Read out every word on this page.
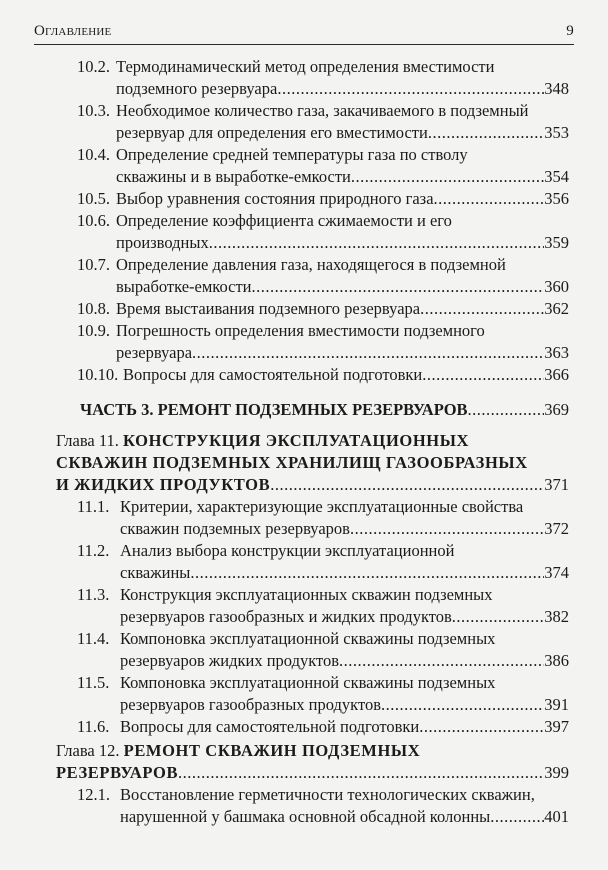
Оглавление	9
10.2. Термодинамический метод определения вместимости
подземного резервуара .....	348
10.3. Необходимое количество газа, закачиваемого в подземный
резервуар для определения его вместимости .....	353
10.4. Определение средней температуры газа по стволу
скважины и в выработке-емкости .....	354
10.5. Выбор уравнения состояния природного газа .....	356
10.6. Определение коэффициента сжимаемости и его
производных .....	359
10.7. Определение давления газа, находящегося в подземной
выработке-емкости .....	360
10.8. Время выстаивания подземного резервуара .....	362
10.9. Погрешность определения вместимости подземного
резервуара .....	363
10.10. Вопросы для самостоятельной подготовки .....	366
ЧАСТЬ 3. РЕМОНТ ПОДЗЕМНЫХ РЕЗЕРВУАРОВ .....	369
Глава 11. КОНСТРУКЦИЯ ЭКСПЛУАТАЦИОННЫХ
СКВАЖИН ПОДЗЕМНЫХ ХРАНИЛИЩ ГАЗООБРАЗНЫХ
И ЖИДКИХ ПРОДУКТОВ .....	371
11.1. Критерии, характеризующие эксплуатационные свойства
скважин подземных резервуаров .....	372
11.2. Анализ выбора конструкции эксплуатационной
скважины .....	374
11.3. Конструкция эксплуатационных скважин подземных
резервуаров газообразных и жидких продуктов .....	382
11.4. Компоновка эксплуатационной скважины подземных
резервуаров жидких продуктов .....	386
11.5. Компоновка эксплуатационной скважины подземных
резервуаров газообразных продуктов .....	391
11.6. Вопросы для самостоятельной подготовки .....	397
Глава 12. РЕМОНТ СКВАЖИН ПОДЗЕМНЫХ
РЕЗЕРВУАРОВ .....	399
12.1. Восстановление герметичности технологических скважин,
нарушенной у башмака основной обсадной колонны .....	401
